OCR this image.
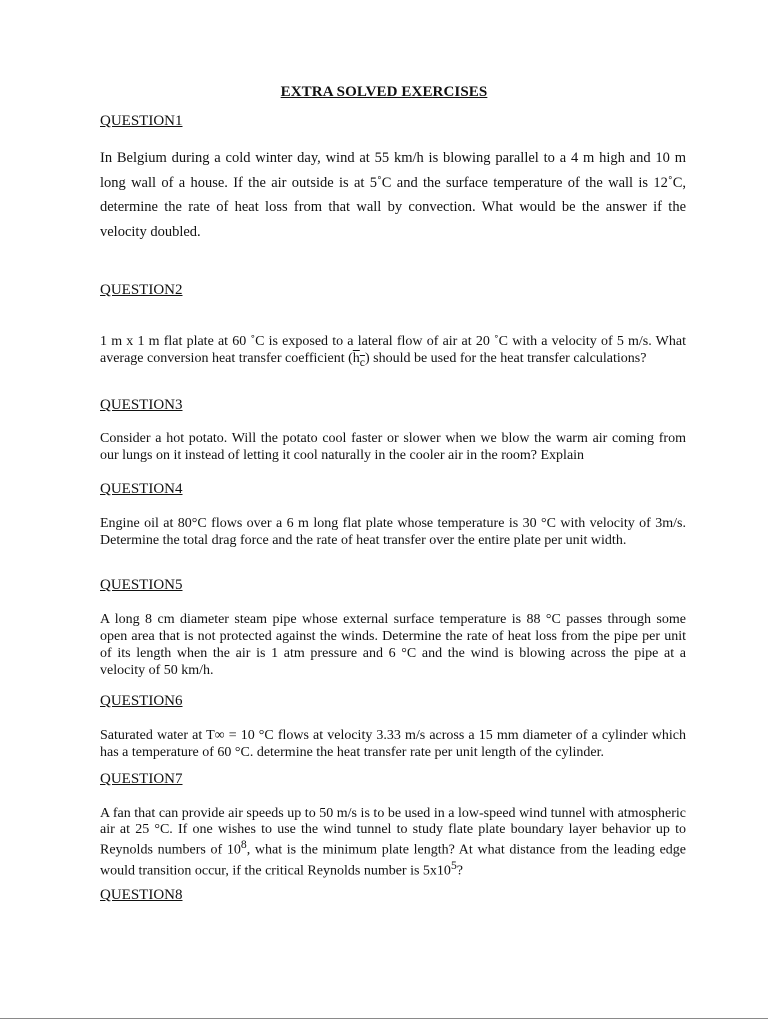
EXTRA SOLVED EXERCISES
QUESTION1
In Belgium during a cold winter day, wind at 55 km/h is blowing parallel to a 4 m high and 10 m long wall of a house. If the air outside is at 5˚C and the surface temperature of the wall is 12˚C, determine the rate of heat loss from that wall by convection. What would be the answer if the velocity doubled.
QUESTION2
1 m x 1 m flat plate at 60 ˚C is exposed to a lateral flow of air at 20 ˚C with a velocity of 5 m/s. What average conversion heat transfer coefficient $(h_c)$ should be used for the heat transfer calculations?
QUESTION3
Consider a hot potato. Will the potato cool faster or slower when we blow the warm air coming from our lungs on it instead of letting it cool naturally in the cooler air in the room? Explain
QUESTION4
Engine oil at 80°C flows over a 6 m long flat plate whose temperature is 30 °C with velocity of 3m/s. Determine the total drag force and the rate of heat transfer over the entire plate per unit width.
QUESTION5
A long 8 cm diameter steam pipe whose external surface temperature is 88 °C passes through some open area that is not protected against the winds. Determine the rate of heat loss from the pipe per unit of its length when the air is 1 atm pressure and 6 °C and the wind is blowing across the pipe at a velocity of 50 km/h.
QUESTION6
Saturated water at T∞ = 10 °C flows at velocity 3.33 m/s across a 15 mm diameter of a cylinder which has a temperature of 60 °C. determine the heat transfer rate per unit length of the cylinder.
QUESTION7
A fan that can provide air speeds up to 50 m/s is to be used in a low-speed wind tunnel with atmospheric air at 25 °C. If one wishes to use the wind tunnel to study flate plate boundary layer behavior up to Reynolds numbers of $10^8$, what is the minimum plate length? At what distance from the leading edge would transition occur, if the critical Reynolds number is $5x10^5$?
QUESTION8
